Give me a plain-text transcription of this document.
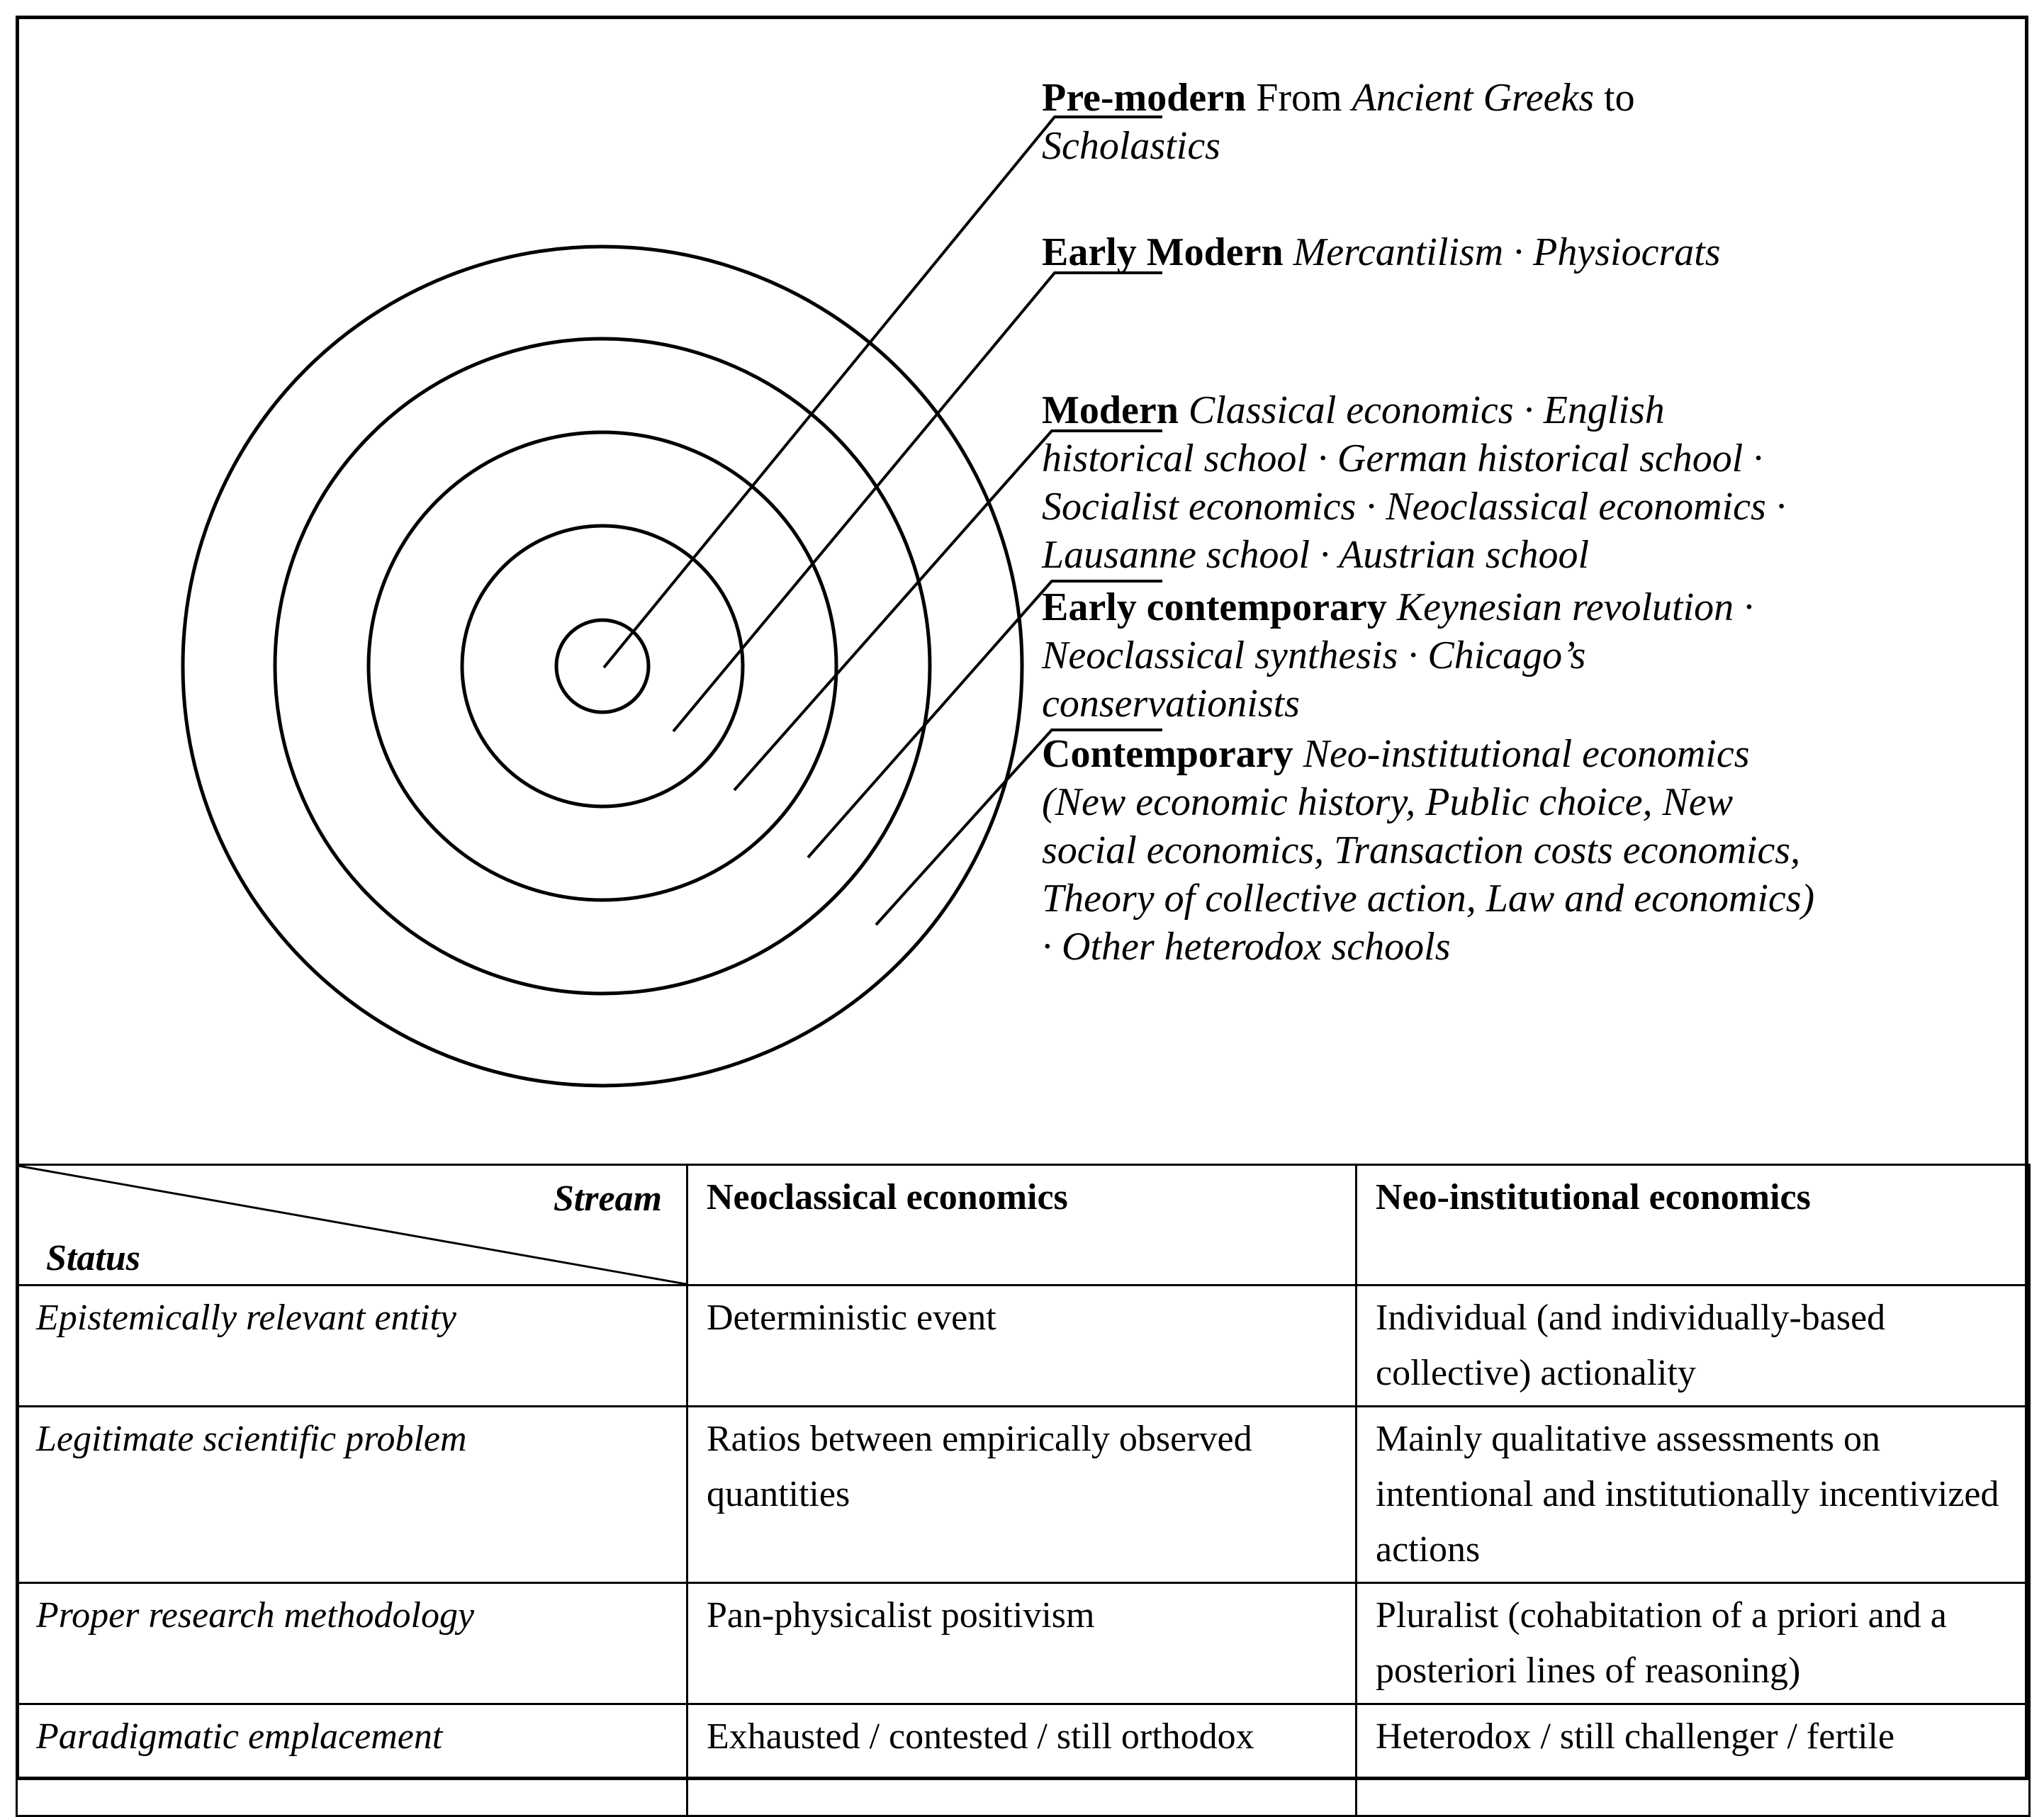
Pre-modern From Ancient Greeks to
Scholastics
Early Modern Mercantilism · Physiocrats
Modern Classical economics · English historical school · German historical school · Socialist economics · Neoclassical economics · Lausanne school · Austrian school
Early contemporary Keynesian revolution · Neoclassical synthesis · Chicago’s conservationists
Contemporary Neo-institutional economics (New economic history, Public choice, New social economics, Transaction costs economics, Theory of collective action, Law and economics) · Other heterodox schools
Stream
Status	Neoclassical economics	Neo-institutional economics
Epistemically relevant entity	Deterministic event	Individual (and individually-based collective) actionality
Legitimate scientific problem	Ratios between empirically observed quantities	Mainly qualitative assessments on intentional and institutionally incentivized actions
Proper research methodology	Pan-physicalist positivism	Pluralist (cohabitation of a priori and a posteriori lines of reasoning)
Paradigmatic emplacement	Exhausted / contested / still orthodox	Heterodox / still challenger / fertile
